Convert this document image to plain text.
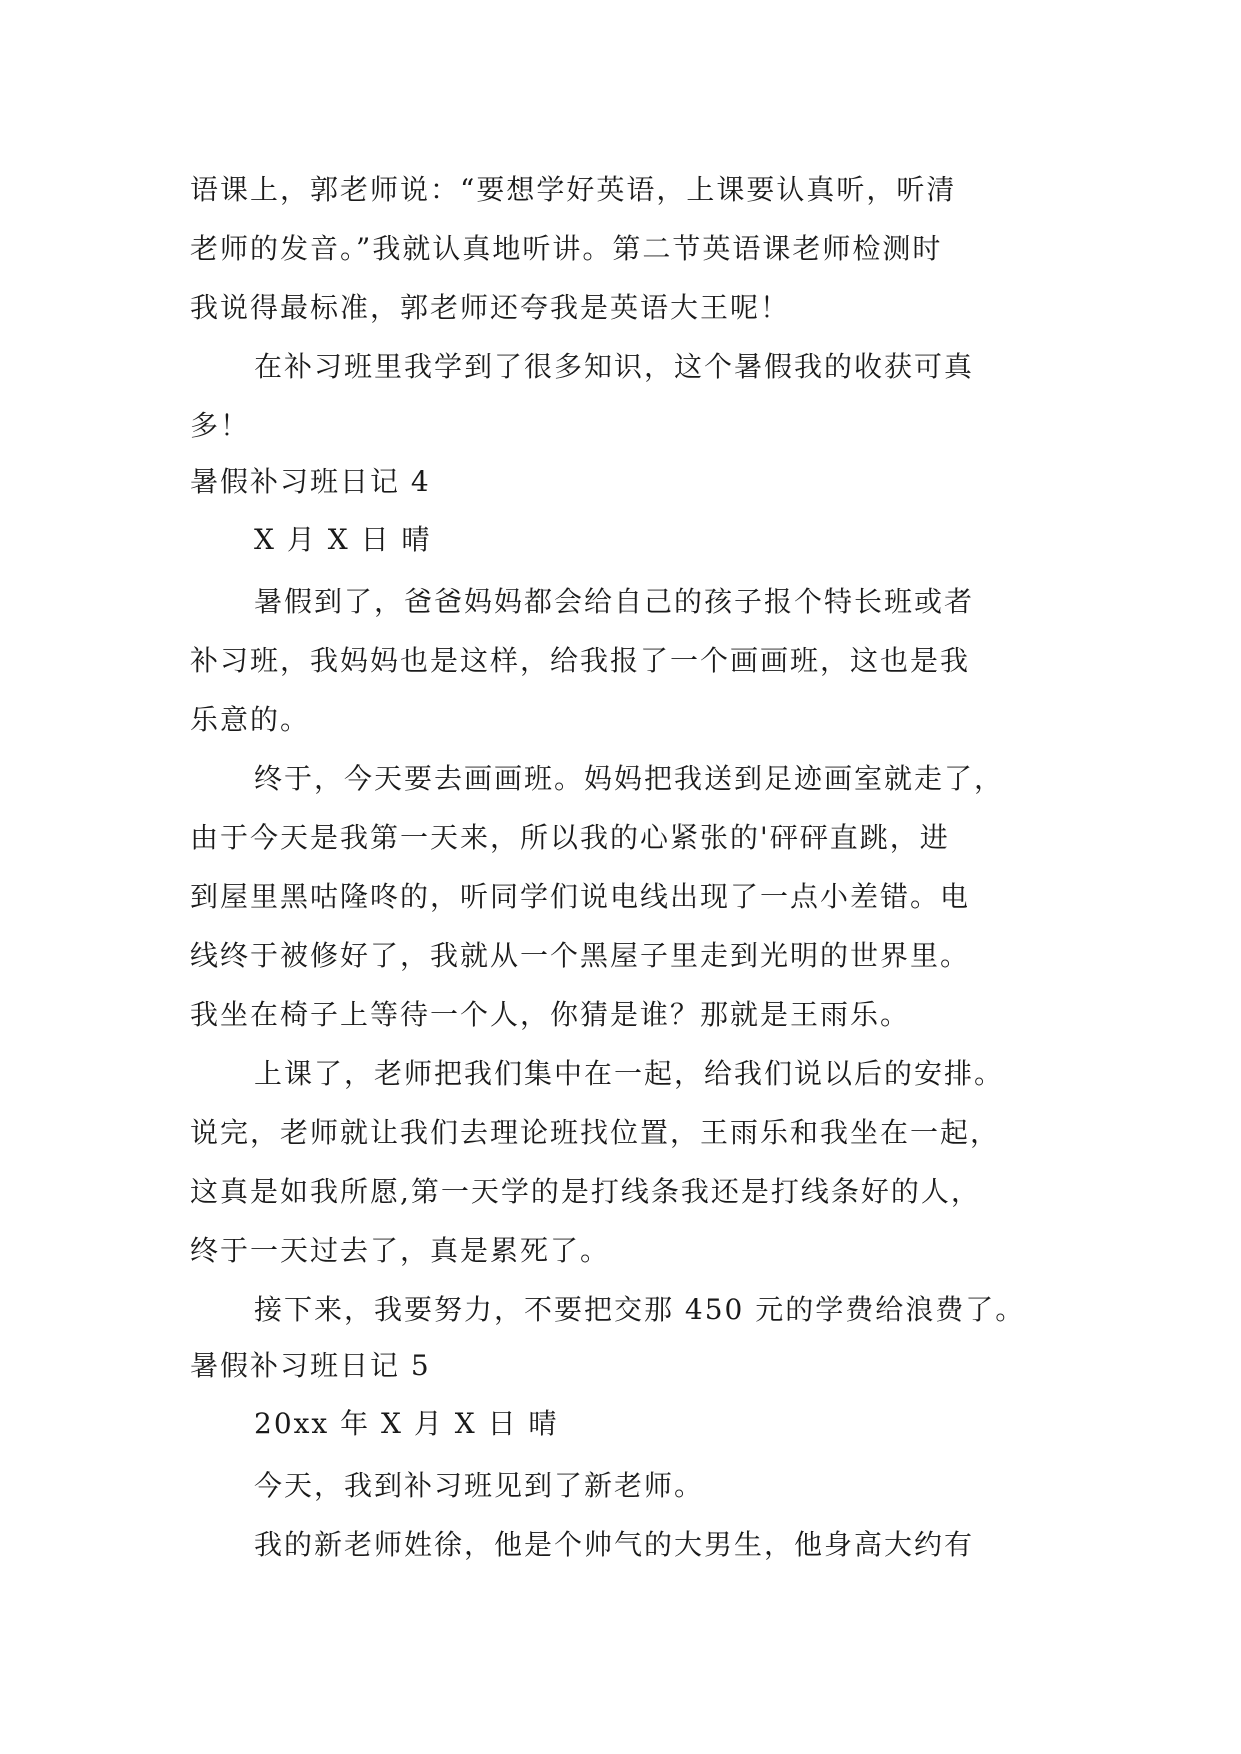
语课上，郭老师说：“要想学好英语，上课要认真听，听清
老师的发音。”我就认真地听讲。第二节英语课老师检测时
我说得最标准，郭老师还夸我是英语大王呢！
在补习班里我学到了很多知识，这个暑假我的收获可真
多！
暑假补习班日记 4
X 月 X 日 晴
暑假到了，爸爸妈妈都会给自己的孩子报个特长班或者
补习班，我妈妈也是这样，给我报了一个画画班，这也是我
乐意的。
终于，今天要去画画班。妈妈把我送到足迹画室就走了，
由于今天是我第一天来，所以我的心紧张的'砰砰直跳，进
到屋里黑咕隆咚的，听同学们说电线出现了一点小差错。电
线终于被修好了，我就从一个黑屋子里走到光明的世界里。
我坐在椅子上等待一个人，你猜是谁？那就是王雨乐。
上课了，老师把我们集中在一起，给我们说以后的安排。
说完，老师就让我们去理论班找位置，王雨乐和我坐在一起，
这真是如我所愿,第一天学的是打线条我还是打线条好的人，
终于一天过去了，真是累死了。
接下来，我要努力，不要把交那 450 元的学费给浪费了。
暑假补习班日记 5
20xx 年 X 月 X 日 晴
今天，我到补习班见到了新老师。
我的新老师姓徐，他是个帅气的大男生，他身高大约有
